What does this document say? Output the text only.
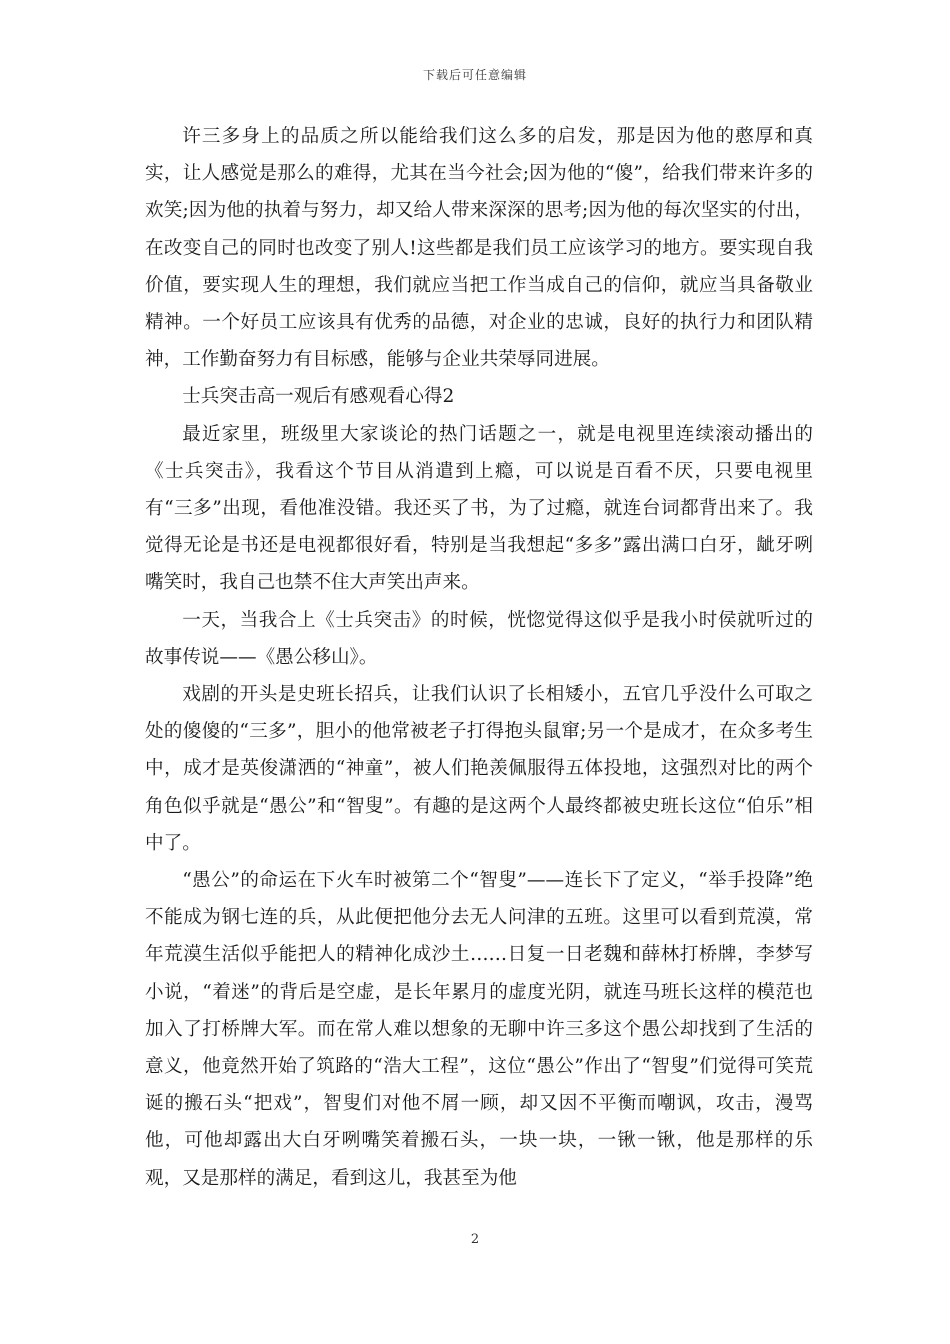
下载后可任意编辑

许三多身上的品质之所以能给我们这么多的启发，那是因为他的憨厚和真实，让人感觉是那么的难得，尤其在当今社会;因为他的“傻”，给我们带来许多的欢笑;因为他的执着与努力，却又给人带来深深的思考;因为他的每次坚实的付出，在改变自己的同时也改变了别人!这些都是我们员工应该学习的地方。要实现自我价值，要实现人生的理想，我们就应当把工作当成自己的信仰，就应当具备敬业精神。一个好员工应该具有优秀的品德，对企业的忠诚，良好的执行力和团队精神，工作勤奋努力有目标感，能够与企业共荣辱同进展。

士兵突击高一观后有感观看心得2

最近家里，班级里大家谈论的热门话题之一，就是电视里连续滚动播出的《士兵突击》，我看这个节目从消遣到上瘾，可以说是百看不厌，只要电视里有“三多”出现，看他准没错。我还买了书，为了过瘾，就连台词都背出来了。我觉得无论是书还是电视都很好看，特别是当我想起“多多”露出满口白牙，龇牙咧嘴笑时，我自己也禁不住大声笑出声来。

一天，当我合上《士兵突击》的时候，恍惚觉得这似乎是我小时侯就听过的故事传说——《愚公移山》。

戏剧的开头是史班长招兵，让我们认识了长相矮小，五官几乎没什么可取之处的傻傻的“三多”，胆小的他常被老子打得抱头鼠窜;另一个是成才，在众多考生中，成才是英俊潇洒的“神童”，被人们艳羡佩服得五体投地，这强烈对比的两个角色似乎就是“愚公”和“智叟”。有趣的是这两个人最终都被史班长这位“伯乐”相中了。

“愚公”的命运在下火车时被第二个“智叟”——连长下了定义，“举手投降”绝不能成为钢七连的兵，从此便把他分去无人问津的五班。这里可以看到荒漠，常年荒漠生活似乎能把人的精神化成沙土……日复一日老魏和薛林打桥牌，李梦写小说，“着迷”的背后是空虚，是长年累月的虚度光阴，就连马班长这样的模范也加入了打桥牌大军。而在常人难以想象的无聊中许三多这个愚公却找到了生活的意义，他竟然开始了筑路的“浩大工程”，这位“愚公”作出了“智叟”们觉得可笑荒诞的搬石头“把戏”，智叟们对他不屑一顾，却又因不平衡而嘲讽，攻击，漫骂他，可他却露出大白牙咧嘴笑着搬石头，一块一块，一锹一锹，他是那样的乐观，又是那样的满足，看到这儿，我甚至为他

2
